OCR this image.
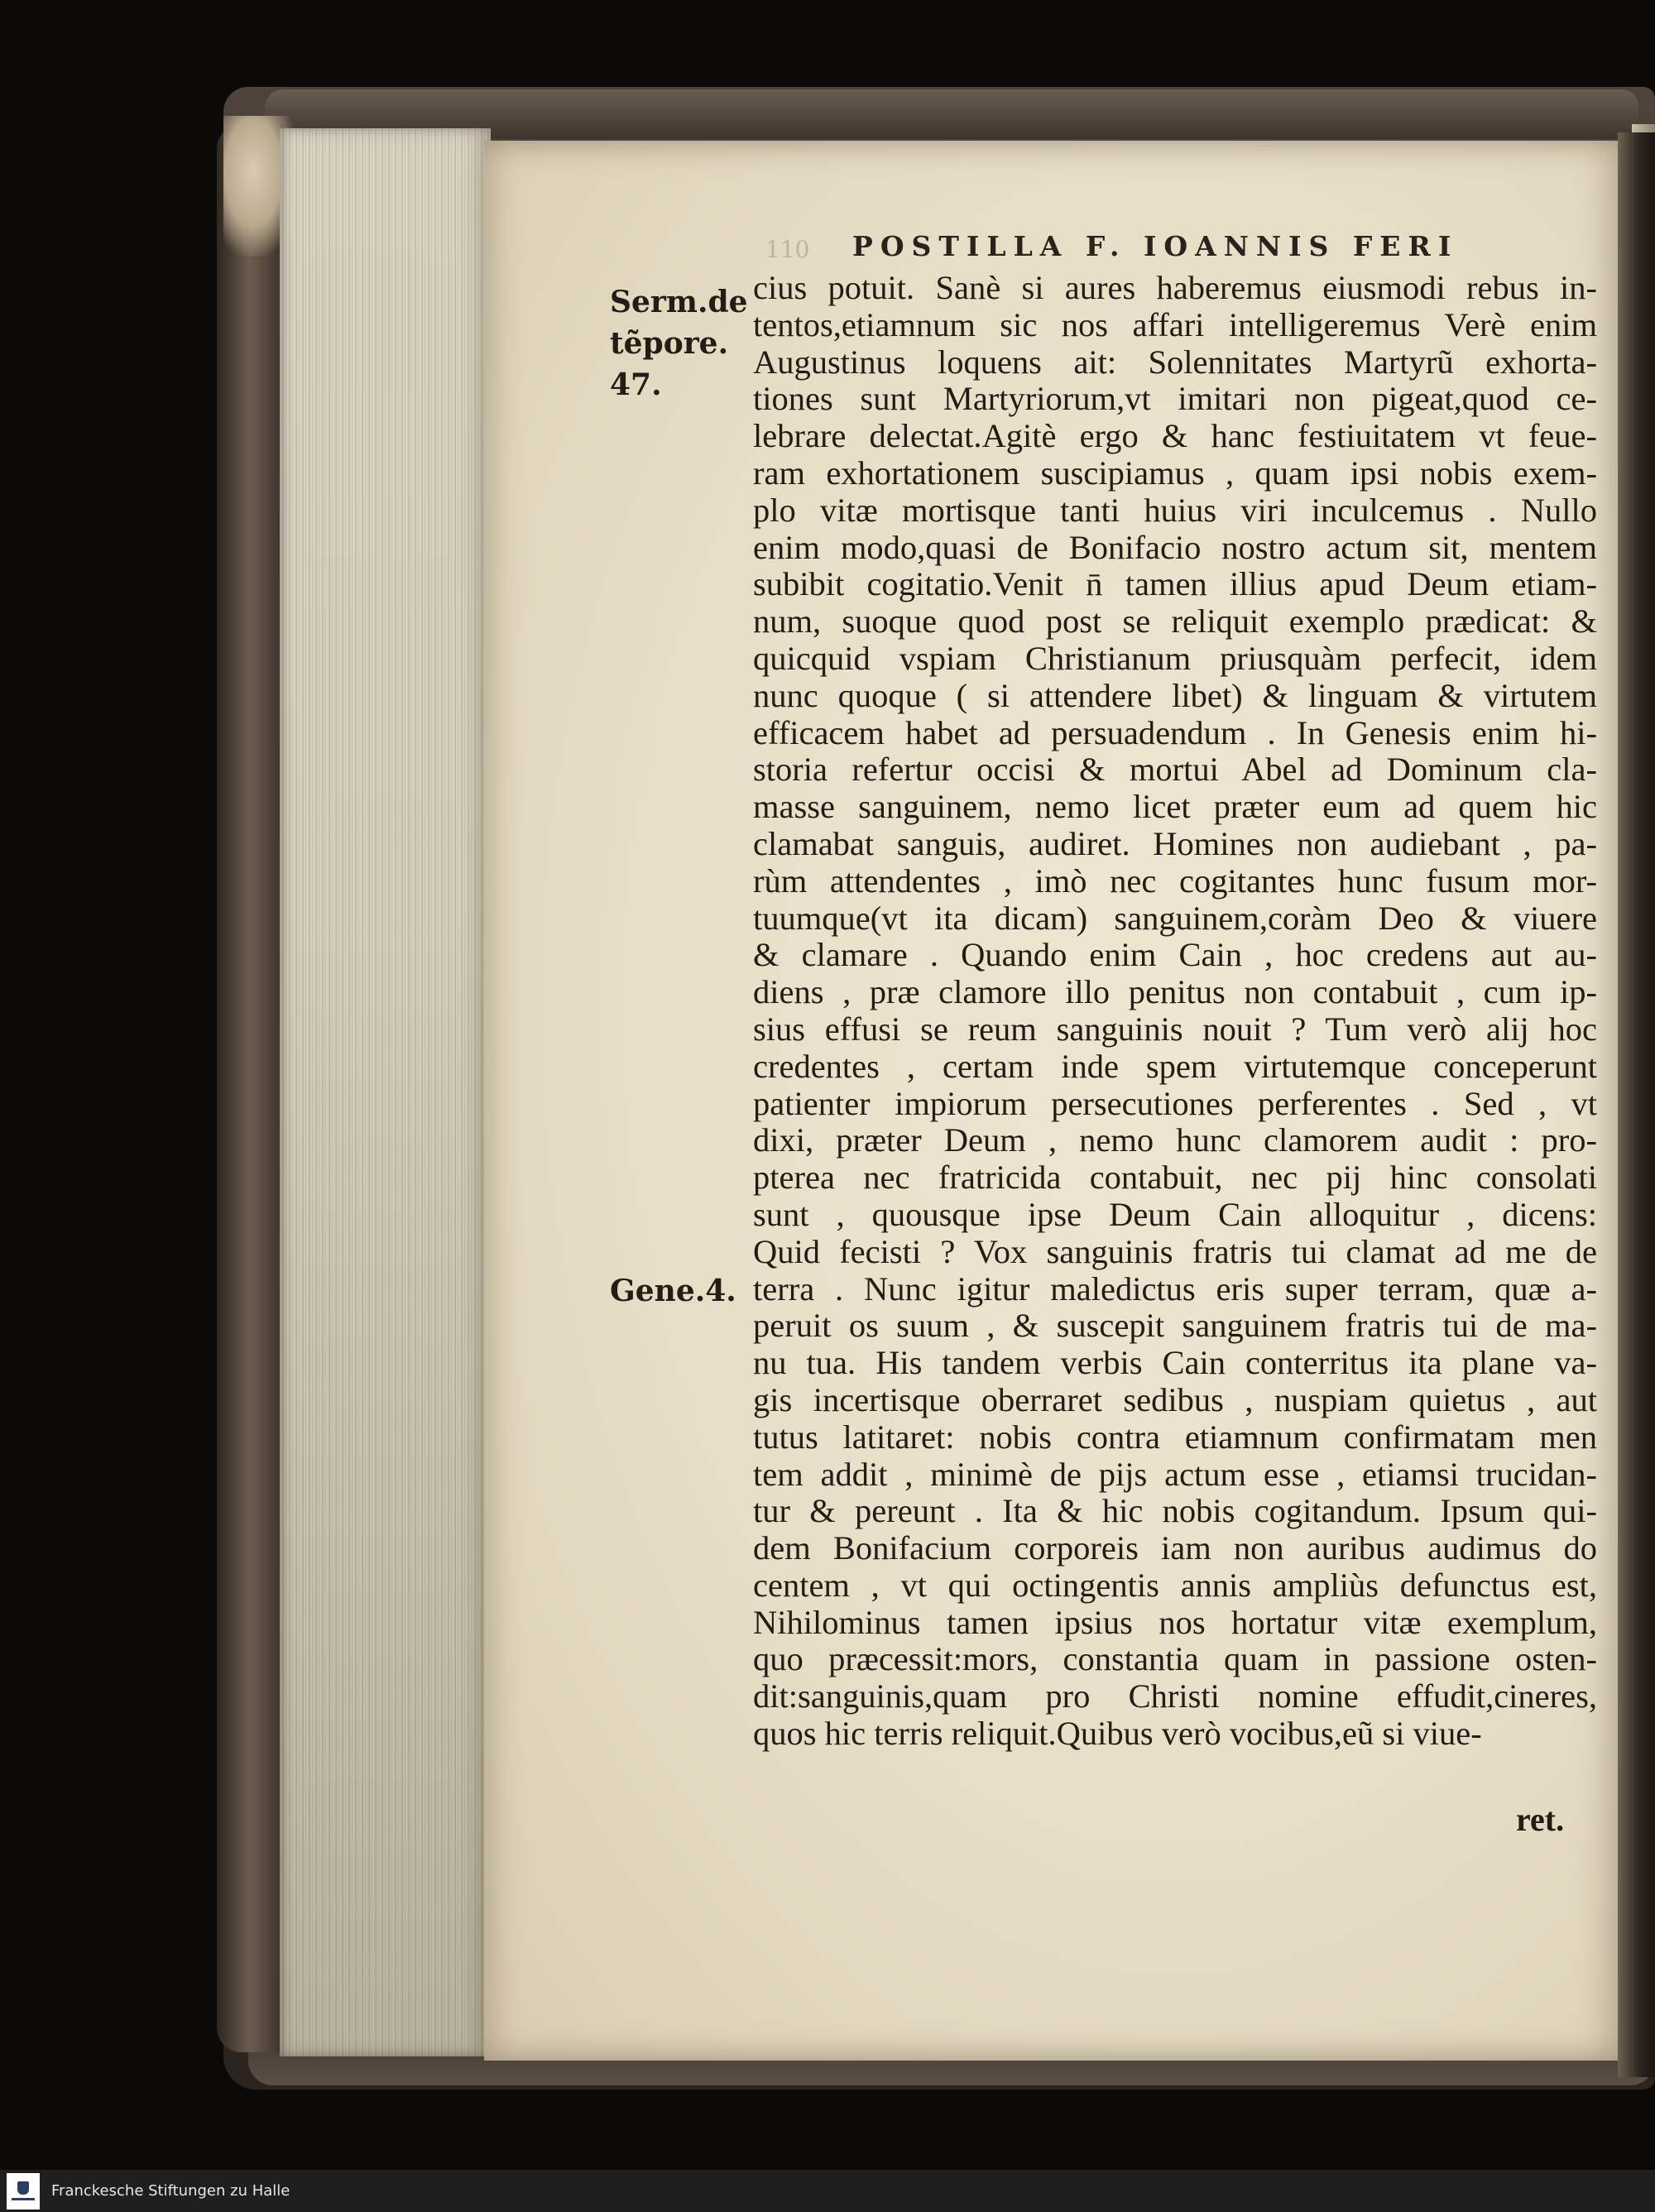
110 POSTILLA F. IOANNIS FERI
Serm.de
tẽpore.
47.
Gene.4.
cius potuit. Sanè si aures haberemus eiusmodi rebus in-
tentos,etiamnum sic nos affari intelligeremus Verè enim
Augustinus loquens ait: Solennitates Martyrũ exhorta-
tiones sunt Martyriorum,vt imitari non pigeat,quod ce-
lebrare delectat.Agitè ergo & hanc festiuitatem vt feue-
ram exhortationem suscipiamus , quam ipsi nobis exem-
plo vitæ mortisque tanti huius viri inculcemus . Nullo
enim modo,quasi de Bonifacio nostro actum sit, mentem
subibit cogitatio.Venit n̄ tamen illius apud Deum etiam-
num, suoque quod post se reliquit exemplo prædicat: &
quicquid vspiam Christianum priusquàm perfecit, idem
nunc quoque ( si attendere libet) & linguam & virtutem
efficacem habet ad persuadendum . In Genesis enim hi-
storia refertur occisi & mortui Abel ad Dominum cla-
masse sanguinem, nemo licet præter eum ad quem hic
clamabat sanguis, audiret. Homines non audiebant , pa-
rùm attendentes , imò nec cogitantes hunc fusum mor-
tuumque(vt ita dicam) sanguinem,coràm Deo & viuere
& clamare . Quando enim Cain , hoc credens aut au-
diens , præ clamore illo penitus non contabuit , cum ip-
sius effusi se reum sanguinis nouit ? Tum verò alij hoc
credentes , certam inde spem virtutemque conceperunt
patienter impiorum persecutiones perferentes . Sed , vt
dixi, præter Deum , nemo hunc clamorem audit : pro-
pterea nec fratricida contabuit, nec pij hinc consolati
sunt , quousque ipse Deum Cain alloquitur , dicens:
Quid fecisti ? Vox sanguinis fratris tui clamat ad me de
terra . Nunc igitur maledictus eris super terram, quæ a-
peruit os suum , & suscepit sanguinem fratris tui de ma-
nu tua. His tandem verbis Cain conterritus ita plane va-
gis incertisque oberraret sedibus , nuspiam quietus , aut
tutus latitaret: nobis contra etiamnum confirmatam men
tem addit , minimè de pijs actum esse , etiamsi trucidan-
tur & pereunt . Ita & hic nobis cogitandum. Ipsum qui-
dem Bonifacium corporeis iam non auribus audimus do
centem , vt qui octingentis annis ampliùs defunctus est,
Nihilominus tamen ipsius nos hortatur vitæ exemplum,
quo præcessit:mors, constantia quam in passione osten-
dit:sanguinis,quam pro Christi nomine effudit,cineres,
quos hic terris reliquit.Quibus verò vocibus,eũ si viue-
ret.
Franckesche Stiftungen zu Halle
